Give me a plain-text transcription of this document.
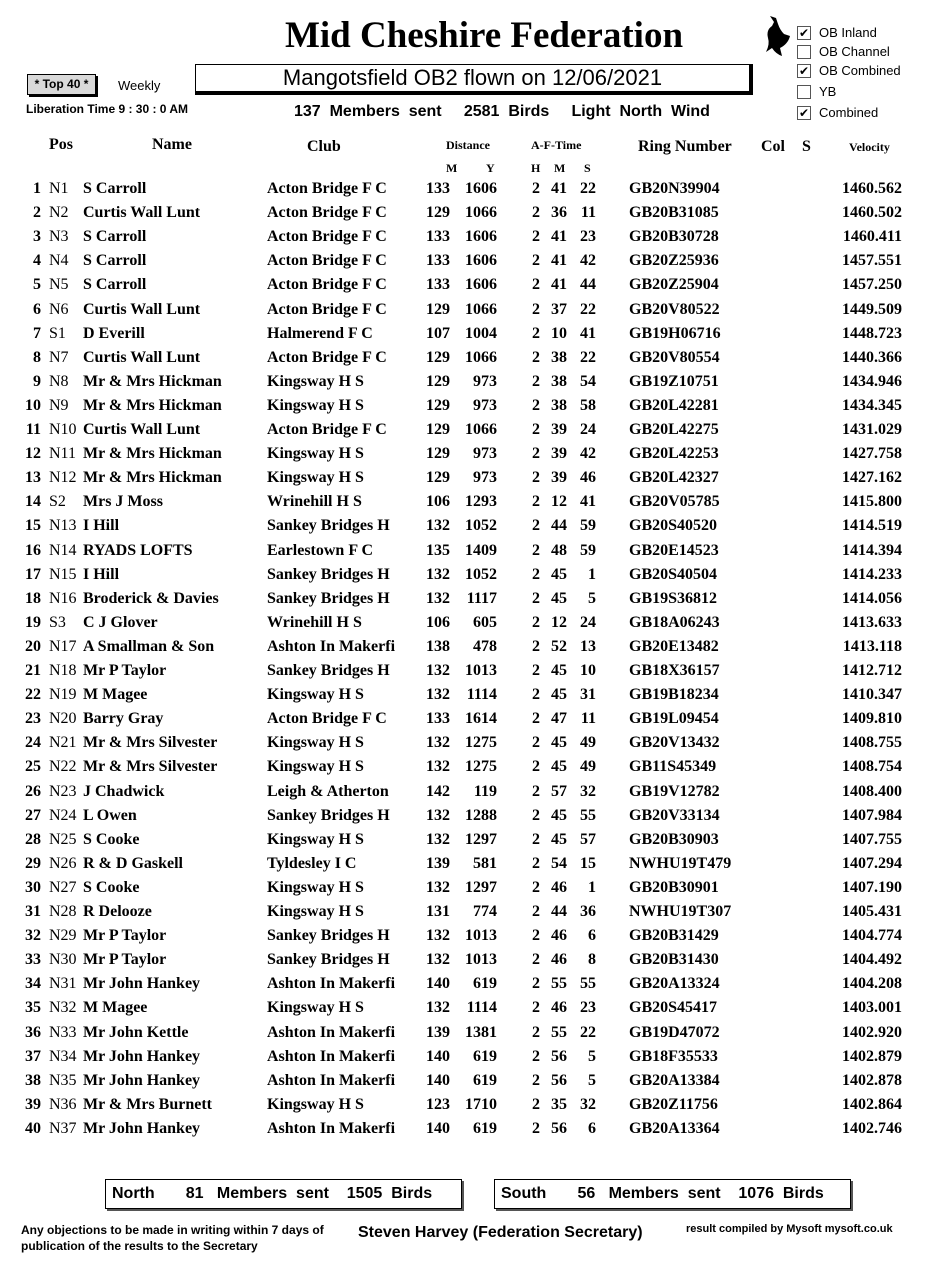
Mid Cheshire Federation	✔ OB Inland
OB Channel
✔ OB Combined
YB
✔ Combined
* Top 40 *	Weekly	Mangotsfield OB2 flown on 12/06/2021
Liberation Time 9 : 30 : 0 AM	137  Members  sent     2581  Birds     Light  North  Wind
Pos	Name	Club	Distance	A-F-Time	Ring Number Col S	Velocity
M Y	H M S
1 N1 S Carroll	Acton Bridge F C	133 1606 2 41 22 GB20N39904	1460.562
2 N2 Curtis Wall Lunt	Acton Bridge F C	129 1066 2 36 11 GB20B31085	1460.502
3 N3 S Carroll	Acton Bridge F C	133 1606 2 41 23 GB20B30728	1460.411
4 N4 S Carroll	Acton Bridge F C	133 1606 2 41 42 GB20Z25936	1457.551
5 N5 S Carroll	Acton Bridge F C	133 1606 2 41 44 GB20Z25904	1457.250
6 N6 Curtis Wall Lunt	Acton Bridge F C	129 1066 2 37 22 GB20V80522	1449.509
7 S1 D Everill	Halmerend F C	107 1004 2 10 41 GB19H06716	1448.723
8 N7 Curtis Wall Lunt	Acton Bridge F C	129 1066 2 38 22 GB20V80554	1440.366
9 N8 Mr & Mrs Hickman	Kingsway H S	129	973 2 38 54 GB19Z10751	1434.946
10 N9 Mr & Mrs Hickman	Kingsway H S	129	973 2 38 58 GB20L42281	1434.345
11 N10 Curtis Wall Lunt	Acton Bridge F C	129 1066 2 39 24 GB20L42275	1431.029
12 N11 Mr & Mrs Hickman	Kingsway H S	129	973 2 39 42 GB20L42253	1427.758
13 N12 Mr & Mrs Hickman	Kingsway H S	129	973 2 39 46 GB20L42327	1427.162
14 S2 Mrs J Moss	Wrinehill H S	106 1293 2 12 41 GB20V05785	1415.800
15 N13 I Hill	Sankey Bridges H	132 1052 2 44 59 GB20S40520	1414.519
16 N14 RYADS LOFTS	Earlestown F C	135 1409 2 48 59 GB20E14523	1414.394
17 N15 I Hill	Sankey Bridges H	132 1052 2 45	1 GB20S40504	1414.233
18 N16 Broderick & Davies	Sankey Bridges H	132	1117 2 45	5 GB19S36812	1414.056
19 S3 C J Glover	Wrinehill H S	106	605 2 12 24 GB18A06243	1413.633
20 N17 A Smallman & Son	Ashton In Makerfi	138	478 2 52 13 GB20E13482	1413.118
21 N18 Mr P Taylor	Sankey Bridges H	132 1013 2 45 10 GB18X36157	1412.712
22 N19 M Magee	Kingsway H S	132	1114 2 45 31 GB19B18234	1410.347
23 N20 Barry Gray	Acton Bridge F C	133 1614 2 47 11 GB19L09454	1409.810
24 N21 Mr & Mrs Silvester	Kingsway H S	132 1275 2 45 49 GB20V13432	1408.755
25 N22 Mr & Mrs Silvester	Kingsway H S	132 1275 2 45 49 GB11S45349	1408.754
26 N23 J Chadwick	Leigh & Atherton	142	119 2 57 32 GB19V12782	1408.400
27 N24 L Owen	Sankey Bridges H	132 1288 2 45 55 GB20V33134	1407.984
28 N25 S Cooke	Kingsway H S	132 1297 2 45 57 GB20B30903	1407.755
29 N26 R & D Gaskell	Tyldesley I C	139	581 2 54 15 NWHU19T479	1407.294
30 N27 S Cooke	Kingsway H S	132 1297 2 46	1 GB20B30901	1407.190
31 N28 R Delooze	Kingsway H S	131	774 2 44 36 NWHU19T307	1405.431
32 N29 Mr P Taylor	Sankey Bridges H	132 1013 2 46	6 GB20B31429	1404.774
33 N30 Mr P Taylor	Sankey Bridges H	132 1013 2 46	8 GB20B31430	1404.492
34 N31 Mr John Hankey	Ashton In Makerfi	140	619 2 55 55 GB20A13324	1404.208
35 N32 M Magee	Kingsway H S	132	1114 2 46 23 GB20S45417	1403.001
36 N33 Mr John Kettle	Ashton In Makerfi	139 1381 2 55 22 GB19D47072	1402.920
37 N34 Mr John Hankey	Ashton In Makerfi	140	619 2 56	5 GB18F35533	1402.879
38 N35 Mr John Hankey	Ashton In Makerfi	140	619 2 56	5 GB20A13384	1402.878
39 N36 Mr & Mrs Burnett	Kingsway H S	123 1710 2 35 32 GB20Z11756	1402.864
40 N37 Mr John Hankey	Ashton In Makerfi	140	619 2 56	6 GB20A13364	1402.746
North       81   Members  sent    1505  Birds	South       56   Members  sent    1076  Birds
Any objections to be made in writing within 7 days of publication of the results to the Secretary
Steven Harvey (Federation Secretary)	result compiled by Mysoft mysoft.co.uk
